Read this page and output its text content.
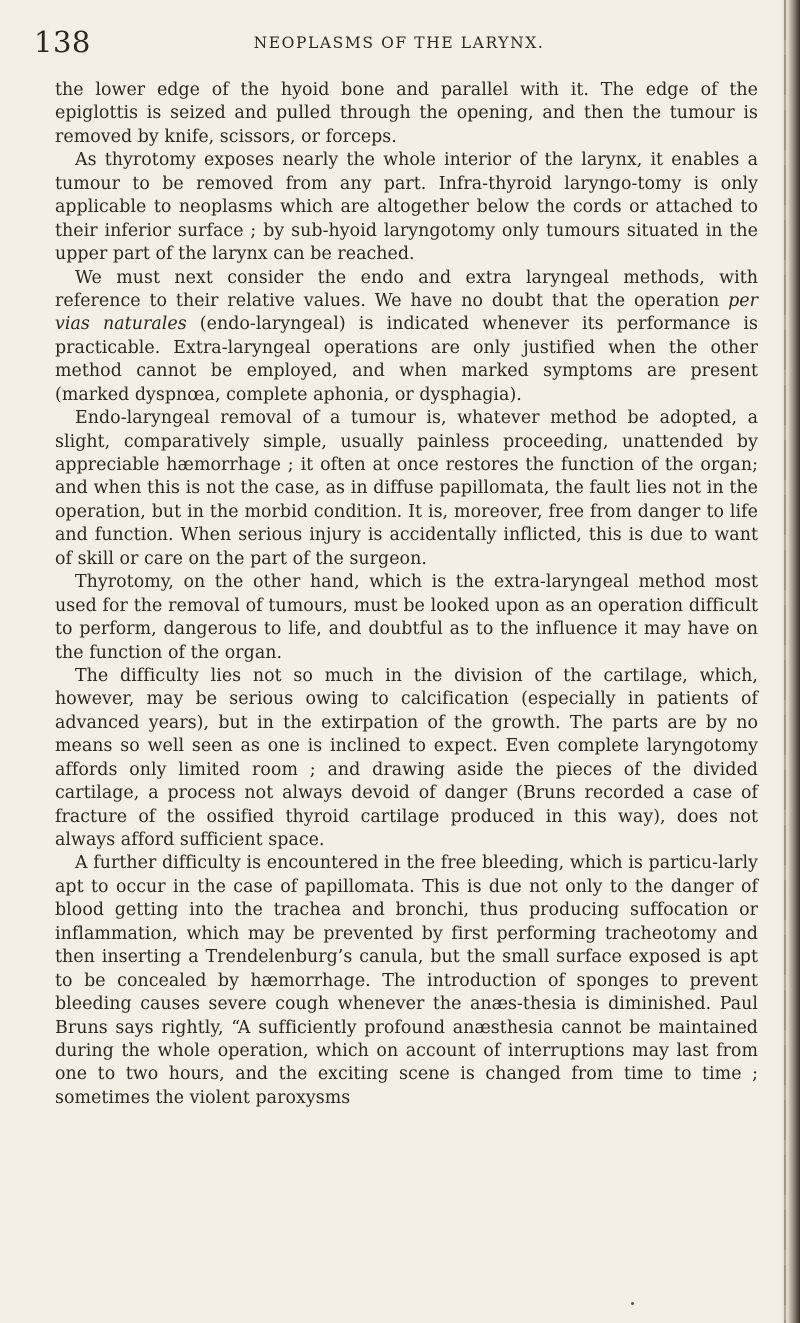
138	NEOPLASMS OF THE LARYNX.

the lower edge of the hyoid bone and parallel with it. The edge of the epiglottis is seized and pulled through the opening, and then the tumour is removed by knife, scissors, or forceps.

As thyrotomy exposes nearly the whole interior of the larynx, it enables a tumour to be removed from any part. Infra-thyroid laryngo-tomy is only applicable to neoplasms which are altogether below the cords or attached to their inferior surface ; by sub-hyoid laryngotomy only tumours situated in the upper part of the larynx can be reached.

We must next consider the endo and extra laryngeal methods, with reference to their relative values. We have no doubt that the operation per vias naturales (endo-laryngeal) is indicated whenever its performance is practicable. Extra-laryngeal operations are only justified when the other method cannot be employed, and when marked symptoms are present (marked dyspnœa, complete aphonia, or dysphagia).

Endo-laryngeal removal of a tumour is, whatever method be adopted, a slight, comparatively simple, usually painless proceeding, unattended by appreciable hæmorrhage ; it often at once restores the function of the organ; and when this is not the case, as in diffuse papillomata, the fault lies not in the operation, but in the morbid condition. It is, moreover, free from danger to life and function. When serious injury is accidentally inflicted, this is due to want of skill or care on the part of the surgeon.

Thyrotomy, on the other hand, which is the extra-laryngeal method most used for the removal of tumours, must be looked upon as an operation difficult to perform, dangerous to life, and doubtful as to the influence it may have on the function of the organ.

The difficulty lies not so much in the division of the cartilage, which, however, may be serious owing to calcification (especially in patients of advanced years), but in the extirpation of the growth. The parts are by no means so well seen as one is inclined to expect. Even complete laryngotomy affords only limited room ; and drawing aside the pieces of the divided cartilage, a process not always devoid of danger (Bruns recorded a case of fracture of the ossified thyroid cartilage produced in this way), does not always afford sufficient space.

A further difficulty is encountered in the free bleeding, which is particu-larly apt to occur in the case of papillomata. This is due not only to the danger of blood getting into the trachea and bronchi, thus producing suffocation or inflammation, which may be prevented by first performing tracheotomy and then inserting a Trendelenburg’s canula, but the small surface exposed is apt to be concealed by hæmorrhage. The introduction of sponges to prevent bleeding causes severe cough whenever the anæs-thesia is diminished. Paul Bruns says rightly, “A sufficiently profound anæsthesia cannot be maintained during the whole operation, which on account of interruptions may last from one to two hours, and the exciting scene is changed from time to time ; sometimes the violent paroxysms
